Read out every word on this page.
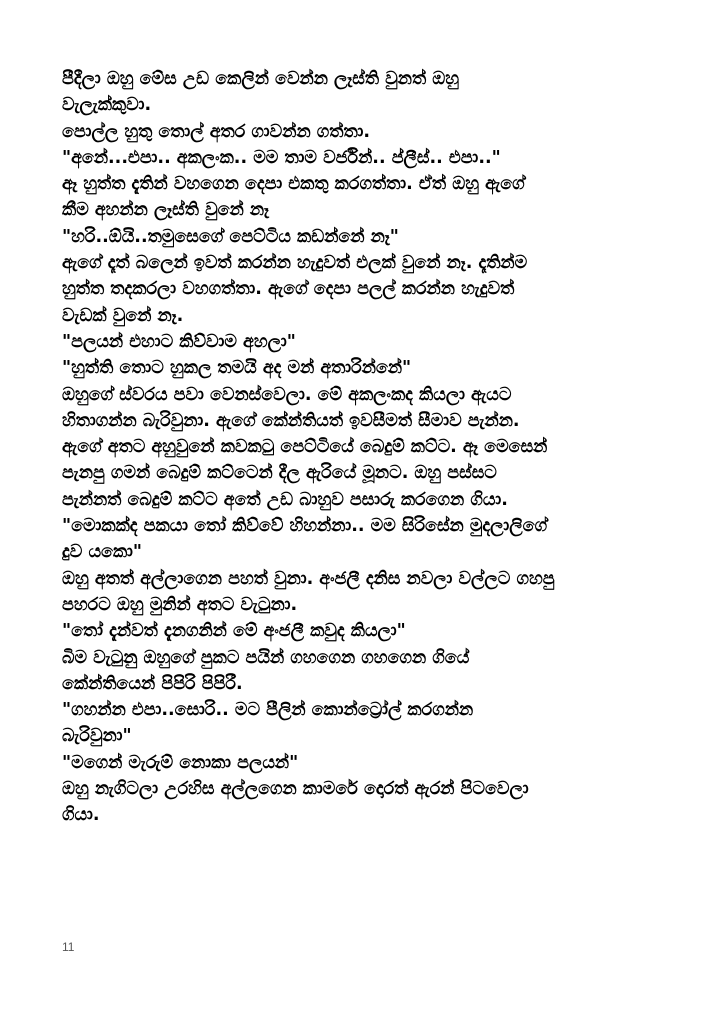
පීදීලා ඔහු මේස උඩ කෙලින් වෙන්න ලෑස්ති වුනත් ඔහු
වැලැක්කුවා.
පොල්ල හුතු තොල් අතර ගාවන්න ගත්තා.
"අනේ...එපා.. අකලංක.. මම තාම වර්ජින්.. ප්ලීස්.. එපා.."
ඈ හුත්ත දැතින් වහගෙන දෙපා එකතු කරගත්තා. ඒත් ඔහු ඇගේ
කීම අහන්න ලෑස්ති වුනේ නෑ
"හරි..ඕයි..තමුසෙගේ පෙට්ටිය කඩන්නේ නෑ"
ඇගේ දෑත් බලෙන් ඉවත් කරන්න හැදුවත් එලක් වුනේ නෑ. දෑතින්ම
හුත්ත තදකරලා වහගත්තා. ඇගේ දෙපා පලල් කරන්න හැදුවත්
වැඩක් වුනේ නෑ.
"පලයන් එහාට කිව්වාම අහලා"
"හුත්ති තොට හුකල තමයි අද මන් අතාරින්නේ"
ඔහුගේ ස්වරය පවා වෙනස්වෙලා. මේ අකලංකද කියලා ඇයට
හිතාගන්න බැරිවුනා. ඇගේ කේන්තියත් ඉවසීමත් සීමාව පැන්න.
ඇගේ අතට අහුවුනේ කවකටු පෙට්ටියේ බෙදුම් කට්ට. ඈ මෙසෙන්
පැනපු ගමන් බෙදුම් කට්ටෙන් දීල ඇරියේ මූනට. ඔහු පස්සට
පැන්නත් බෙදුම් කට්ට අතේ උඩ බාහුව පසාරු කරගෙන ගියා.
"මොකක්ද පකයා තෝ කිව්වේ හිහන්නා.. මම සිරිසේන මුදලාලිගේ
දුව යකො"
ඔහු අතත් අල්ලාගෙන පහත් වුනා. අංජලී දනිස නවලා වල්ලට ගහපු
පහරට ඔහු මුනින් අතට වැටුනා.
"තෝ දැන්වත් දැනගනින් මේ අංජලී කවුද කියලා"
බිම වැටුනු ඔහුගේ පුකට පයින් ගහගෙන ගහගෙන ගියේ
කේන්තියෙන් පිපිරි පිපිරී.
"ගහන්න එපා..සොරි.. මට පීලින් කොන්ට්‍රෝල් කරගන්න
බැරිවුනා"
"මගෙන් මැරුම් නොකා පලයන්"
ඔහු නැගිටලා උරහිස අල්ලගෙන කාමරේ දොරත් ඇරන් පිටවෙලා
ගියා.
11
